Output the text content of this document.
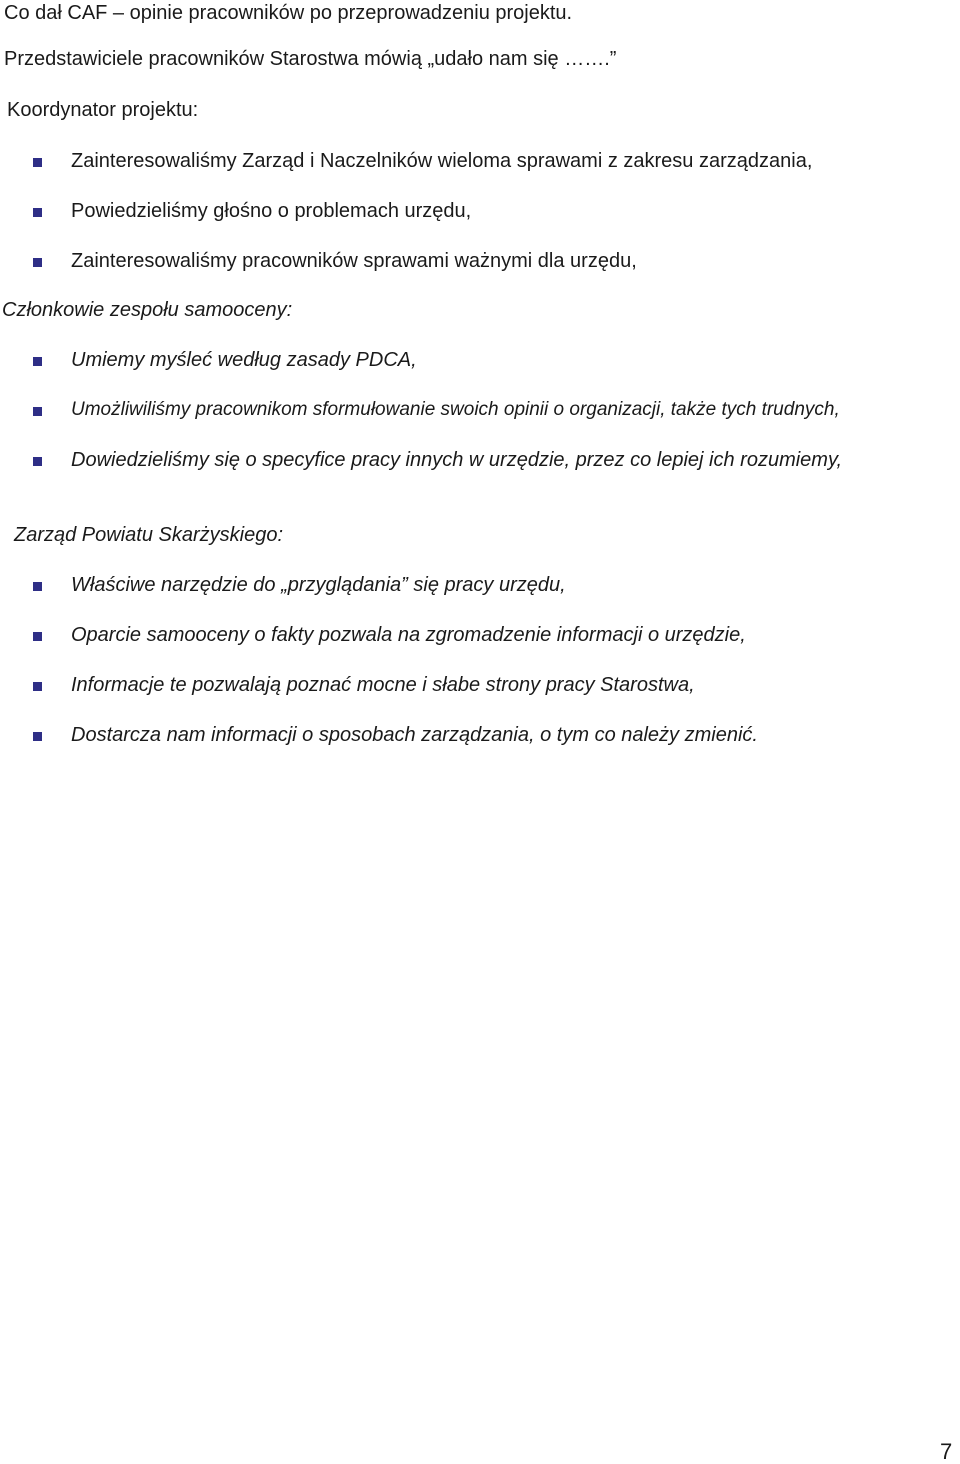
Co dał CAF – opinie pracowników po przeprowadzeniu projektu.
Przedstawiciele pracowników Starostwa mówią „udało nam się …….”
Koordynator projektu:
Zainteresowaliśmy Zarząd i Naczelników wieloma sprawami z zakresu zarządzania,
Powiedzieliśmy głośno o problemach urzędu,
Zainteresowaliśmy pracowników sprawami ważnymi dla urzędu,
Członkowie zespołu samooceny:
Umiemy myśleć według zasady PDCA,
Umożliwiliśmy pracownikom sformułowanie swoich opinii o organizacji, także tych trudnych,
Dowiedzieliśmy się o specyfice pracy innych w urzędzie, przez co lepiej ich rozumiemy,
Zarząd Powiatu Skarżyskiego:
Właściwe narzędzie do „przyglądania” się pracy urzędu,
Oparcie samooceny o fakty pozwala na zgromadzenie informacji o urzędzie,
Informacje te pozwalają poznać mocne i słabe strony pracy Starostwa,
Dostarcza nam informacji o sposobach zarządzania, o tym co należy zmienić.
7
